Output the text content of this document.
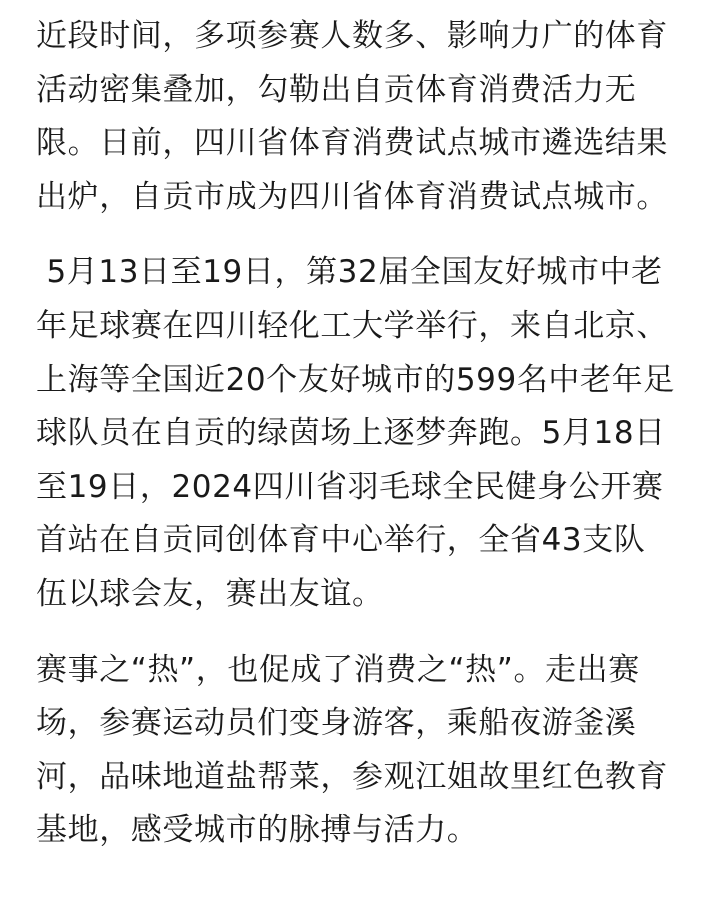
近段时间，多项参赛人数多、影响力广的体育
活动密集叠加，勾勒出自贡体育消费活力无
限。日前，四川省体育消费试点城市遴选结果
出炉，自贡市成为四川省体育消费试点城市。

5月13日至19日，第32届全国友好城市中老
年足球赛在四川轻化工大学举行，来自北京、
上海等全国近20个友好城市的599名中老年足
球队员在自贡的绿茵场上逐梦奔跑。5月18日
至19日，2024四川省羽毛球全民健身公开赛
首站在自贡同创体育中心举行，全省43支队
伍以球会友，赛出友谊。

赛事之“热”，也促成了消费之“热”。走出赛
场，参赛运动员们变身游客，乘船夜游釜溪
河，品味地道盐帮菜，参观江姐故里红色教育
基地，感受城市的脉搏与活力。
